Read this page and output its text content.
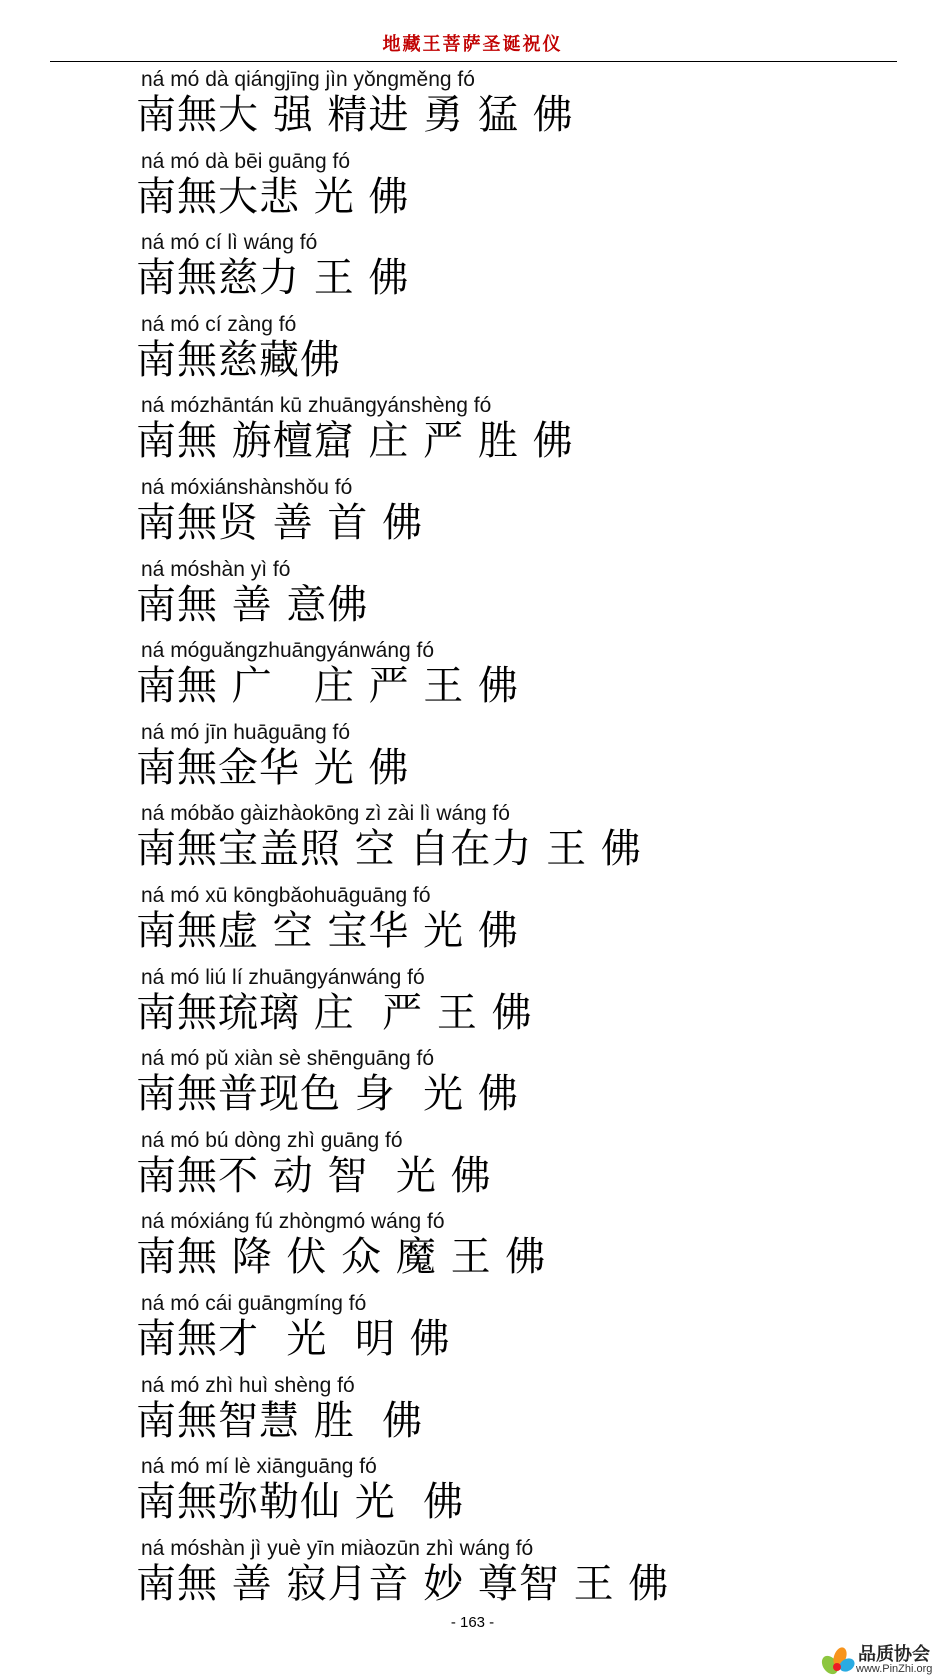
地藏王菩萨圣诞祝仪
ná mó dà qiángjīng jìn yǒngměng fó
南無大 强 精进 勇 猛 佛
ná mó dà bēi guāng fó
南無大悲 光 佛
ná mó cí lì wáng fó
南無慈力 王 佛
ná mó cí zàng fó
南無慈藏佛
ná mózhāntán kū zhuāngyánshèng fó
南無 旃檀窟 庄 严 胜 佛
ná móxiánshànshǒu fó
南無贤 善 首 佛
ná móshàn yì fó
南無 善 意佛
ná móguǎngzhuāngyánwáng fó
南無 广   庄 严 王 佛
ná mó jīn huāguāng fó
南無金华 光 佛
ná móbǎo gàizhàokōng zì zài lì wáng fó
南無宝盖照 空 自在力 王 佛
ná mó xū kōngbǎohuāguāng fó
南無虚 空 宝华 光 佛
ná mó liú lí zhuāngyánwáng fó
南無琉璃 庄  严 王 佛
ná mó pǔ xiàn sè shēnguāng fó
南無普现色 身  光 佛
ná mó bú dòng zhì guāng fó
南無不 动 智  光 佛
ná móxiáng fú zhòngmó wáng fó
南無 降 伏 众 魔 王 佛
ná mó cái guāngmíng fó
南無才  光  明 佛
ná mó zhì huì shèng fó
南無智慧 胜  佛
ná mó mí lè xiānguāng fó
南無弥勒仙 光  佛
ná móshàn jì yuè yīn miàozūn zhì wáng fó
南無 善 寂月音 妙 尊智 王 佛
- 163 -
品质协会
www.PinZhi.org
